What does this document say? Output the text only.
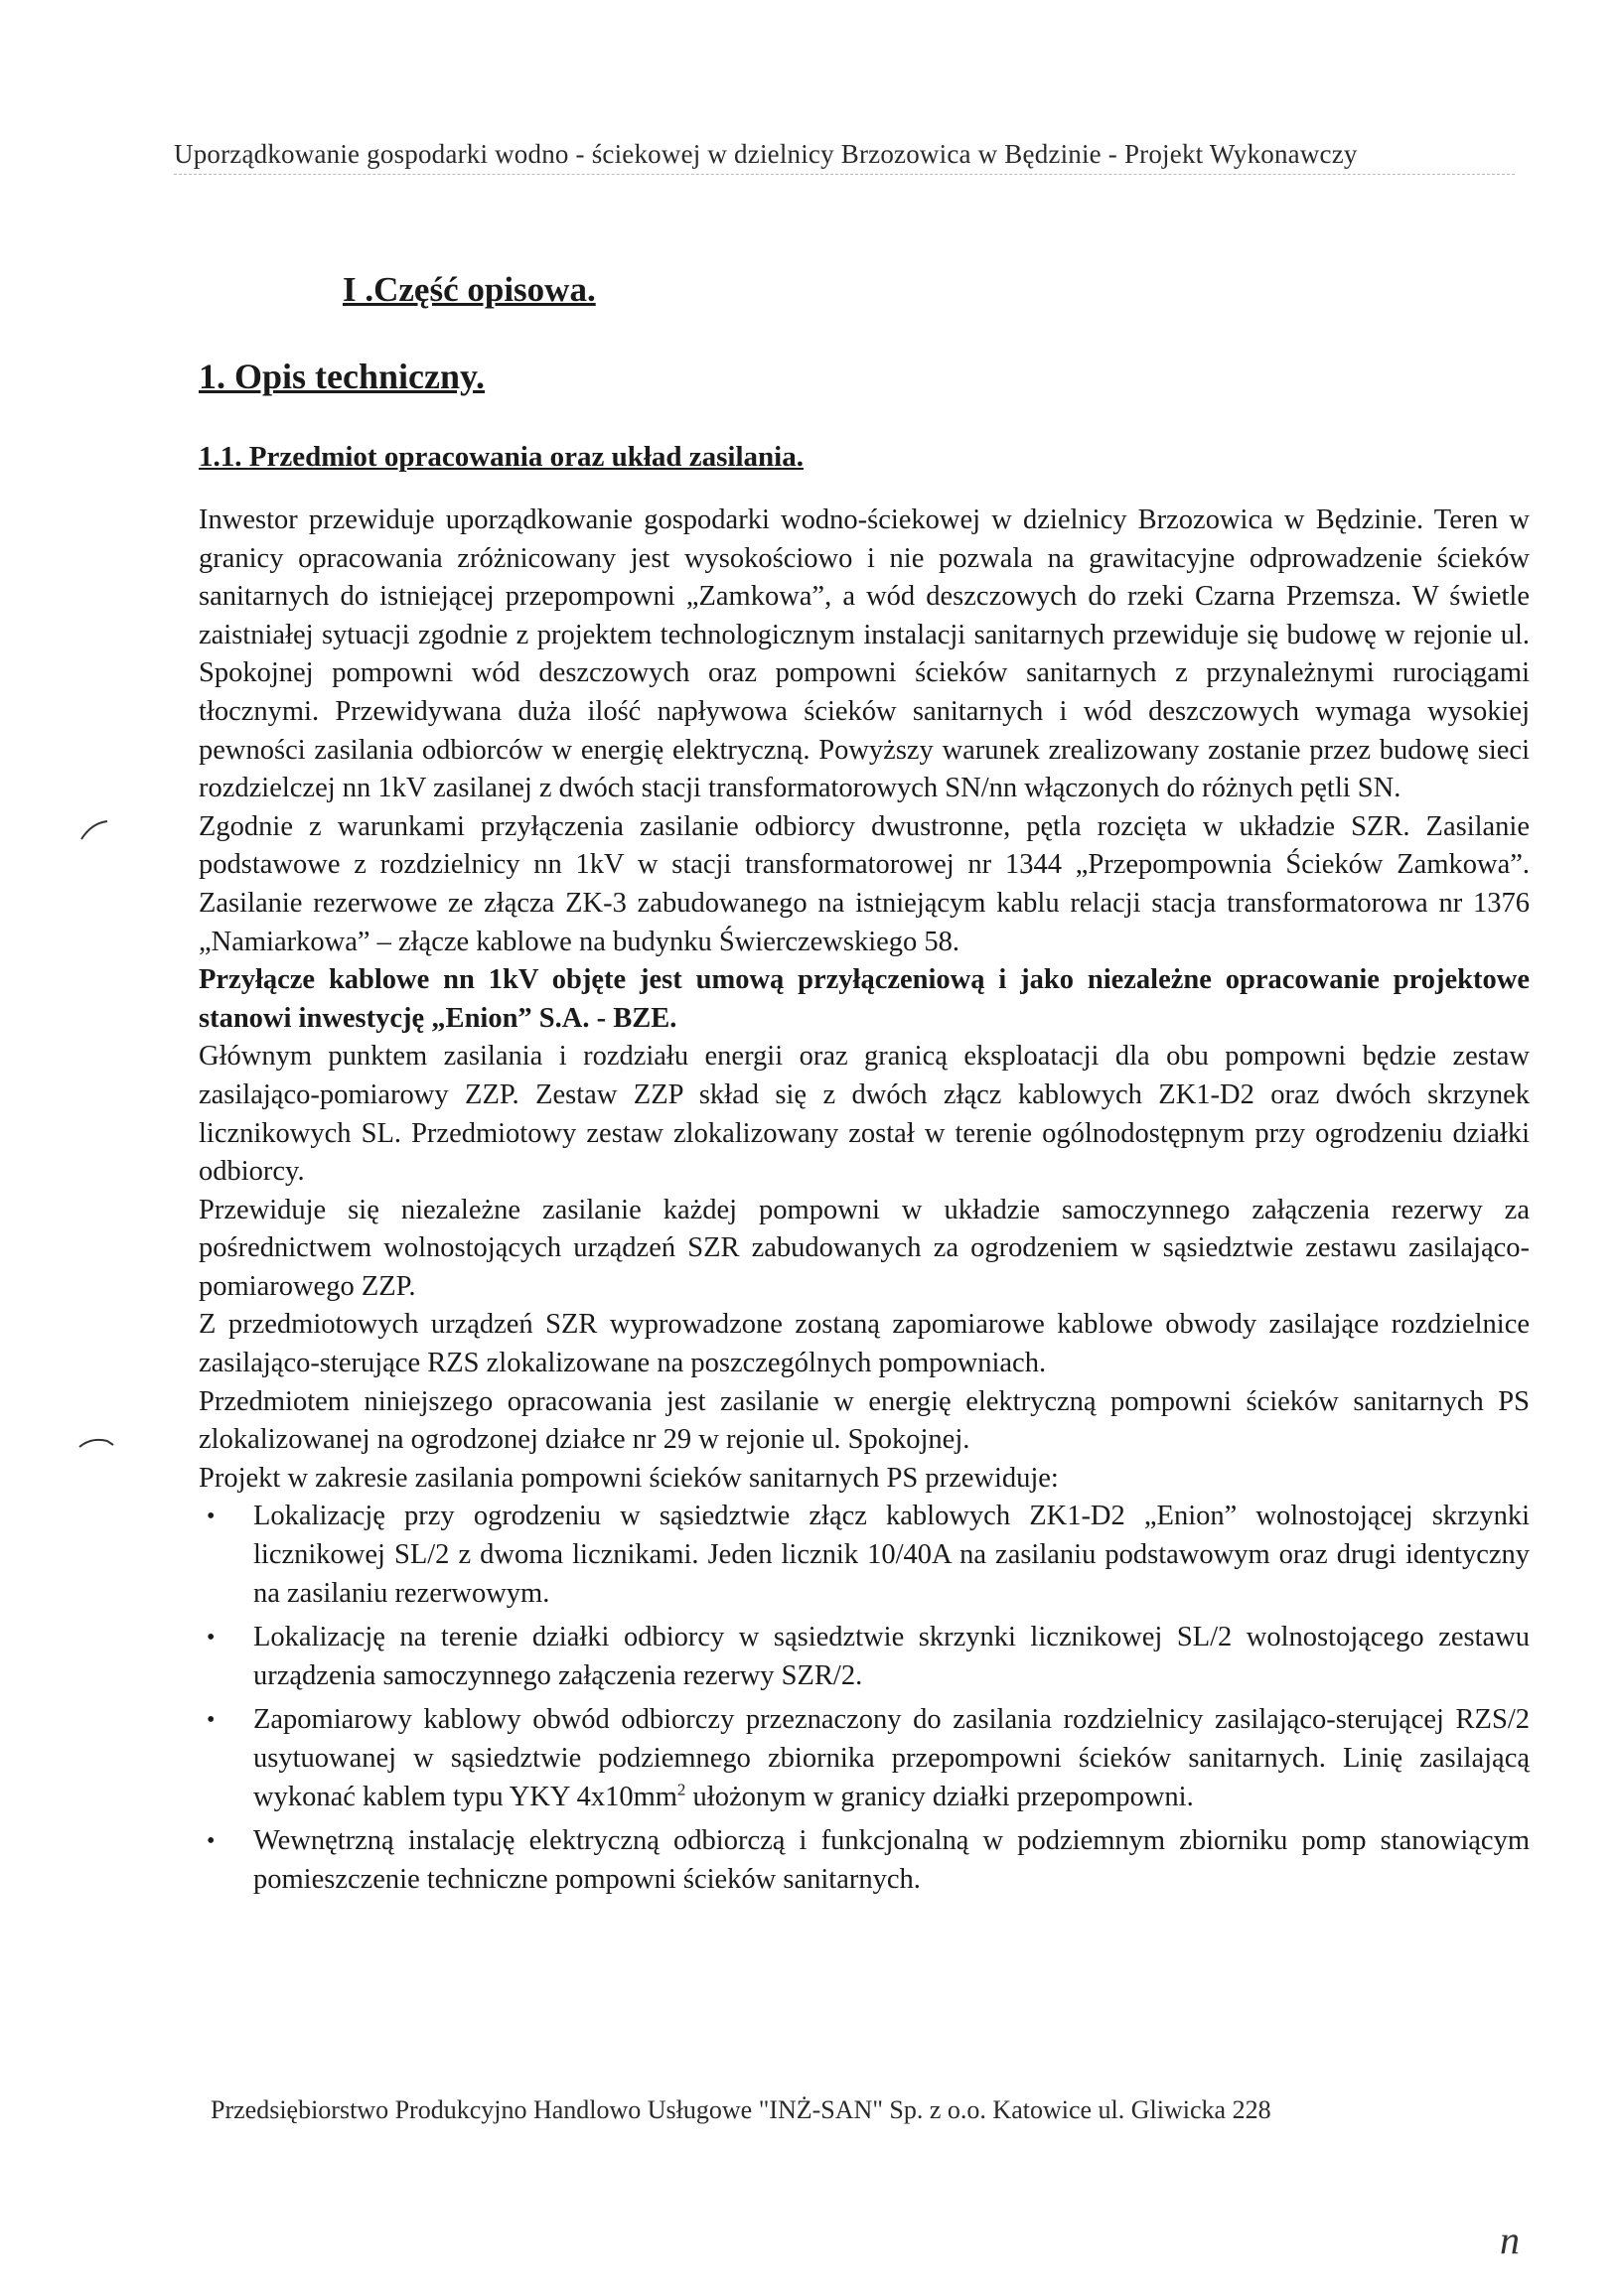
Uporządkowanie gospodarki wodno - ściekowej w dzielnicy Brzozowica w Będzinie - Projekt Wykonawczy
I .Część opisowa.
1. Opis techniczny.
1.1. Przedmiot opracowania oraz układ zasilania.

Inwestor przewiduje uporządkowanie gospodarki wodno-ściekowej w dzielnicy Brzozowica w Będzinie. Teren w granicy opracowania zróżnicowany jest wysokościowo i nie pozwala na grawitacyjne odprowadzenie ścieków sanitarnych do istniejącej przepompowni „Zamkowa”, a wód deszczowych do rzeki Czarna Przemsza. W świetle zaistniałej sytuacji zgodnie z projektem technologicznym instalacji sanitarnych przewiduje się budowę w rejonie ul. Spokojnej pompowni wód deszczowych oraz pompowni ścieków sanitarnych z przynależnymi rurociągami tłocznymi. Przewidywana duża ilość napływowa ścieków sanitarnych i wód deszczowych wymaga wysokiej pewności zasilania odbiorców w energię elektryczną. Powyższy warunek zrealizowany zostanie przez budowę sieci rozdzielczej nn 1kV zasilanej z dwóch stacji transformatorowych SN/nn włączonych do różnych pętli SN.

Zgodnie z warunkami przyłączenia zasilanie odbiorcy dwustronne, pętla rozcięta w układzie SZR. Zasilanie podstawowe z rozdzielnicy nn 1kV w stacji transformatorowej nr 1344 „Przepompownia Ścieków Zamkowa”. Zasilanie rezerwowe ze złącza ZK-3 zabudowanego na istniejącym kablu relacji stacja transformatorowa nr 1376 „Namiarkowa” – złącze kablowe na budynku Świerczewskiego 58.

Przyłącze kablowe nn 1kV objęte jest umową przyłączeniową i jako niezależne opracowanie projektowe stanowi inwestycję „Enion” S.A. - BZE.

Głównym punktem zasilania i rozdziału energii oraz granicą eksploatacji dla obu pompowni będzie zestaw zasilająco-pomiarowy ZZP. Zestaw ZZP skład się z dwóch złącz kablowych ZK1-D2 oraz dwóch skrzynek licznikowych SL. Przedmiotowy zestaw zlokalizowany został w terenie ogólnodostępnym przy ogrodzeniu działki odbiorcy.

Przewiduje się niezależne zasilanie każdej pompowni w układzie samoczynnego załączenia rezerwy za pośrednictwem wolnostojących urządzeń SZR zabudowanych za ogrodzeniem w sąsiedztwie zestawu zasilająco-pomiarowego ZZP.

Z przedmiotowych urządzeń SZR wyprowadzone zostaną zapomiarowe kablowe obwody zasilające rozdzielnice zasilająco-sterujące RZS zlokalizowane na poszczególnych pompowniach.

Przedmiotem niniejszego opracowania jest zasilanie w energię elektryczną pompowni ścieków sanitarnych PS zlokalizowanej na ogrodzonej działce nr 29 w rejonie ul. Spokojnej.

Projekt w zakresie zasilania pompowni ścieków sanitarnych PS przewiduje:

• Lokalizację przy ogrodzeniu w sąsiedztwie złącz kablowych ZK1-D2 „Enion” wolnostojącej skrzynki licznikowej SL/2 z dwoma licznikami. Jeden licznik 10/40A na zasilaniu podstawowym oraz drugi identyczny na zasilaniu rezerwowym.
• Lokalizację na terenie działki odbiorcy w sąsiedztwie skrzynki licznikowej SL/2 wolnostojącego zestawu urządzenia samoczynnego załączenia rezerwy SZR/2.
• Zapomiarowy kablowy obwód odbiorczy przeznaczony do zasilania rozdzielnicy zasilająco-sterującej RZS/2 usytuowanej w sąsiedztwie podziemnego zbiornika przepompowni ścieków sanitarnych. Linię zasilającą wykonać kablem typu YKY $4x10mm^2$ ułożonym w granicy działki przepompowni.
• Wewnętrzną instalację elektryczną odbiorczą i funkcjonalną w podziemnym zbiorniku pomp stanowiącym pomieszczenie techniczne pompowni ścieków sanitarnych.
Przedsiębiorstwo Produkcyjno Handlowo Usługowe "INŻ-SAN" Sp. z o.o. Katowice ul. Gliwicka 228
n
